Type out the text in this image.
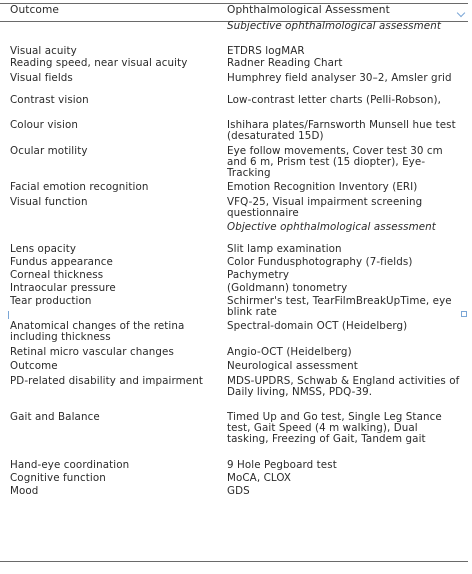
Outcome	Ophthalmological Assessment
	Subjective ophthalmological assessment
Visual acuity	ETDRS logMAR
Reading speed, near visual acuity	Radner Reading Chart
Visual fields	Humphrey field analyser 30–2, Amsler grid
Contrast vision	Low-contrast letter charts (Pelli-Robson),
Colour vision	Ishihara plates/Farnsworth Munsell hue test (desaturated 15D)
Ocular motility	Eye follow movements, Cover test 30 cm and 6 m, Prism test (15 diopter), Eye-Tracking
Facial emotion recognition	Emotion Recognition Inventory (ERI)
Visual function	VFQ-25, Visual impairment screening questionnaire
	Objective ophthalmological assessment
Lens opacity	Slit lamp examination
Fundus appearance	Color Fundusphotography (7-fields)
Corneal thickness	Pachymetry
Intraocular pressure	(Goldmann) tonometry
Tear production	Schirmer's test, TearFilmBreakUpTime, eye blink rate
Anatomical changes of the retina including thickness	Spectral-domain OCT (Heidelberg)
Retinal micro vascular changes	Angio-OCT (Heidelberg)
Outcome	Neurological assessment
PD-related disability and impairment	MDS-UPDRS, Schwab & England activities of Daily living, NMSS, PDQ-39.
Gait and Balance	Timed Up and Go test, Single Leg Stance test, Gait Speed (4 m walking), Dual tasking, Freezing of Gait, Tandem gait
Hand-eye coordination	9 Hole Pegboard test
Cognitive function	MoCA, CLOX
Mood	GDS
